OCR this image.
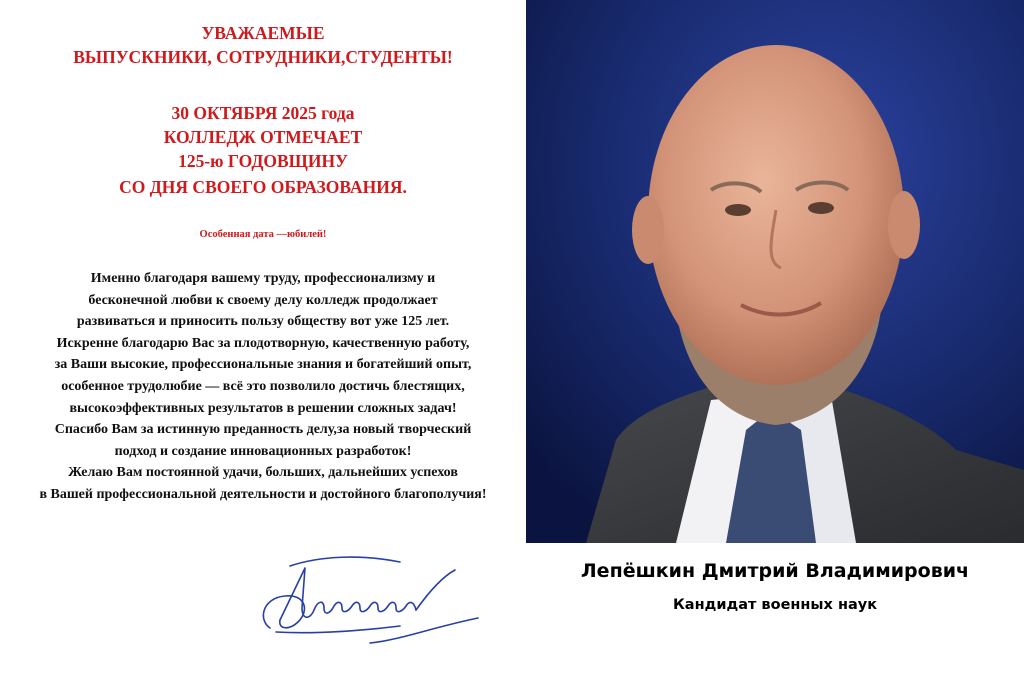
УВАЖАЕМЫЕ
ВЫПУСКНИКИ, СОТРУДНИКИ,СТУДЕНТЫ!
30 ОКТЯБРЯ 2025 года
КОЛЛЕДЖ ОТМЕЧАЕТ
125-ю ГОДОВЩИНУ
СО ДНЯ СВОЕГО ОБРАЗОВАНИЯ.
Особенная дата —юбилей!
Именно благодаря вашему труду, профессионализму и
бесконечной любви к своему делу колледж продолжает
развиваться и приносить пользу обществу вот уже 125 лет.
Искренне благодарю Вас за плодотворную, качественную работу,
за Ваши высокие, профессиональные знания и богатейший опыт,
особенное трудолюбие — всё это позволило достичь блестящих,
высокоэффективных результатов в решении сложных задач!
Спасибо Вам за истинную преданность делу,за новый творческий
подход и создание инновационных разработок!
Желаю Вам постоянной удачи, больших, дальнейших успехов
в Вашей профессиональной деятельности и достойного благополучия!
Лепёшкин Дмитрий Владимирович
Кандидат военных наук
